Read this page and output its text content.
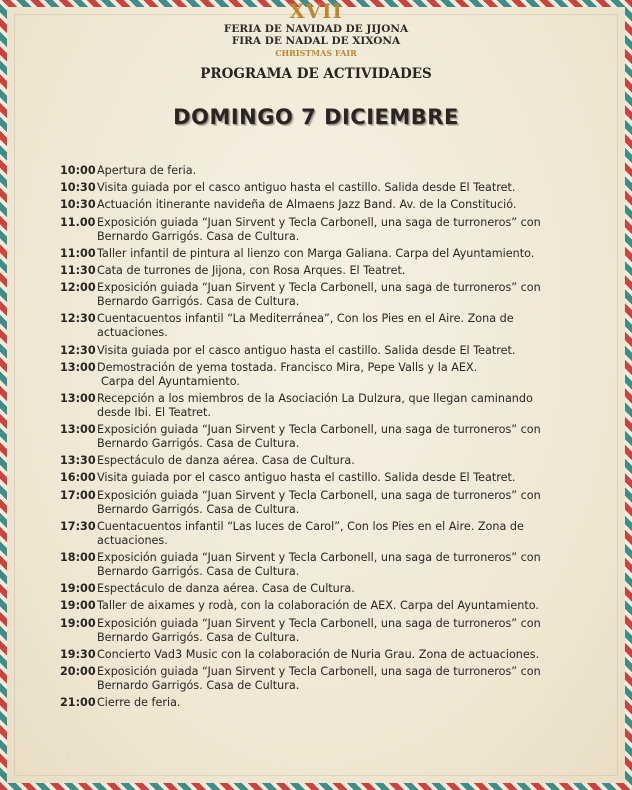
XVII
FERIA DE NAVIDAD DE JIJONA
FIRA DE NADAL DE XIXONA
CHRISTMAS FAIR
PROGRAMA DE ACTIVIDADES
DOMINGO 7 DICIEMBRE
10:00 Apertura de feria.
10:30 Visita guiada por el casco antiguo hasta el castillo. Salida desde El Teatret.
10:30 Actuación itinerante navideña de Almaens Jazz Band. Av. de la Constitució.
11.00 Exposición guiada “Juan Sirvent y Tecla Carbonell, una saga de turroneros” con
Bernardo Garrigós. Casa de Cultura.
11:00 Taller infantil de pintura al lienzo con Marga Galiana. Carpa del Ayuntamiento.
11:30 Cata de turrones de Jijona, con Rosa Arques. El Teatret.
12:00 Exposición guiada “Juan Sirvent y Tecla Carbonell, una saga de turroneros” con
Bernardo Garrigós. Casa de Cultura.
12:30 Cuentacuentos infantil “La Mediterránea”, Con los Pies en el Aire. Zona de
actuaciones.
12:30 Visita guiada por el casco antiguo hasta el castillo. Salida desde El Teatret.
13:00 Demostración de yema tostada. Francisco Mira, Pepe Valls y la AEX.
Carpa del Ayuntamiento.
13:00 Recepción a los miembros de la Asociación La Dulzura, que llegan caminando
desde Ibi. El Teatret.
13:00 Exposición guiada “Juan Sirvent y Tecla Carbonell, una saga de turroneros” con
Bernardo Garrigós. Casa de Cultura.
13:30 Espectáculo de danza aérea. Casa de Cultura.
16:00 Visita guiada por el casco antiguo hasta el castillo. Salida desde El Teatret.
17:00 Exposición guiada “Juan Sirvent y Tecla Carbonell, una saga de turroneros” con
Bernardo Garrigós. Casa de Cultura.
17:30 Cuentacuentos infantil “Las luces de Carol”, Con los Pies en el Aire. Zona de
actuaciones.
18:00 Exposición guiada “Juan Sirvent y Tecla Carbonell, una saga de turroneros” con
Bernardo Garrigós. Casa de Cultura.
19:00 Espectáculo de danza aérea. Casa de Cultura.
19:00 Taller de aixames y rodà, con la colaboración de AEX. Carpa del Ayuntamiento.
19:00 Exposición guiada “Juan Sirvent y Tecla Carbonell, una saga de turroneros” con
Bernardo Garrigós. Casa de Cultura.
19:30 Concierto Vad3 Music con la colaboración de Nuria Grau. Zona de actuaciones.
20:00 Exposición guiada “Juan Sirvent y Tecla Carbonell, una saga de turroneros” con
Bernardo Garrigós. Casa de Cultura.
21:00 Cierre de feria.
